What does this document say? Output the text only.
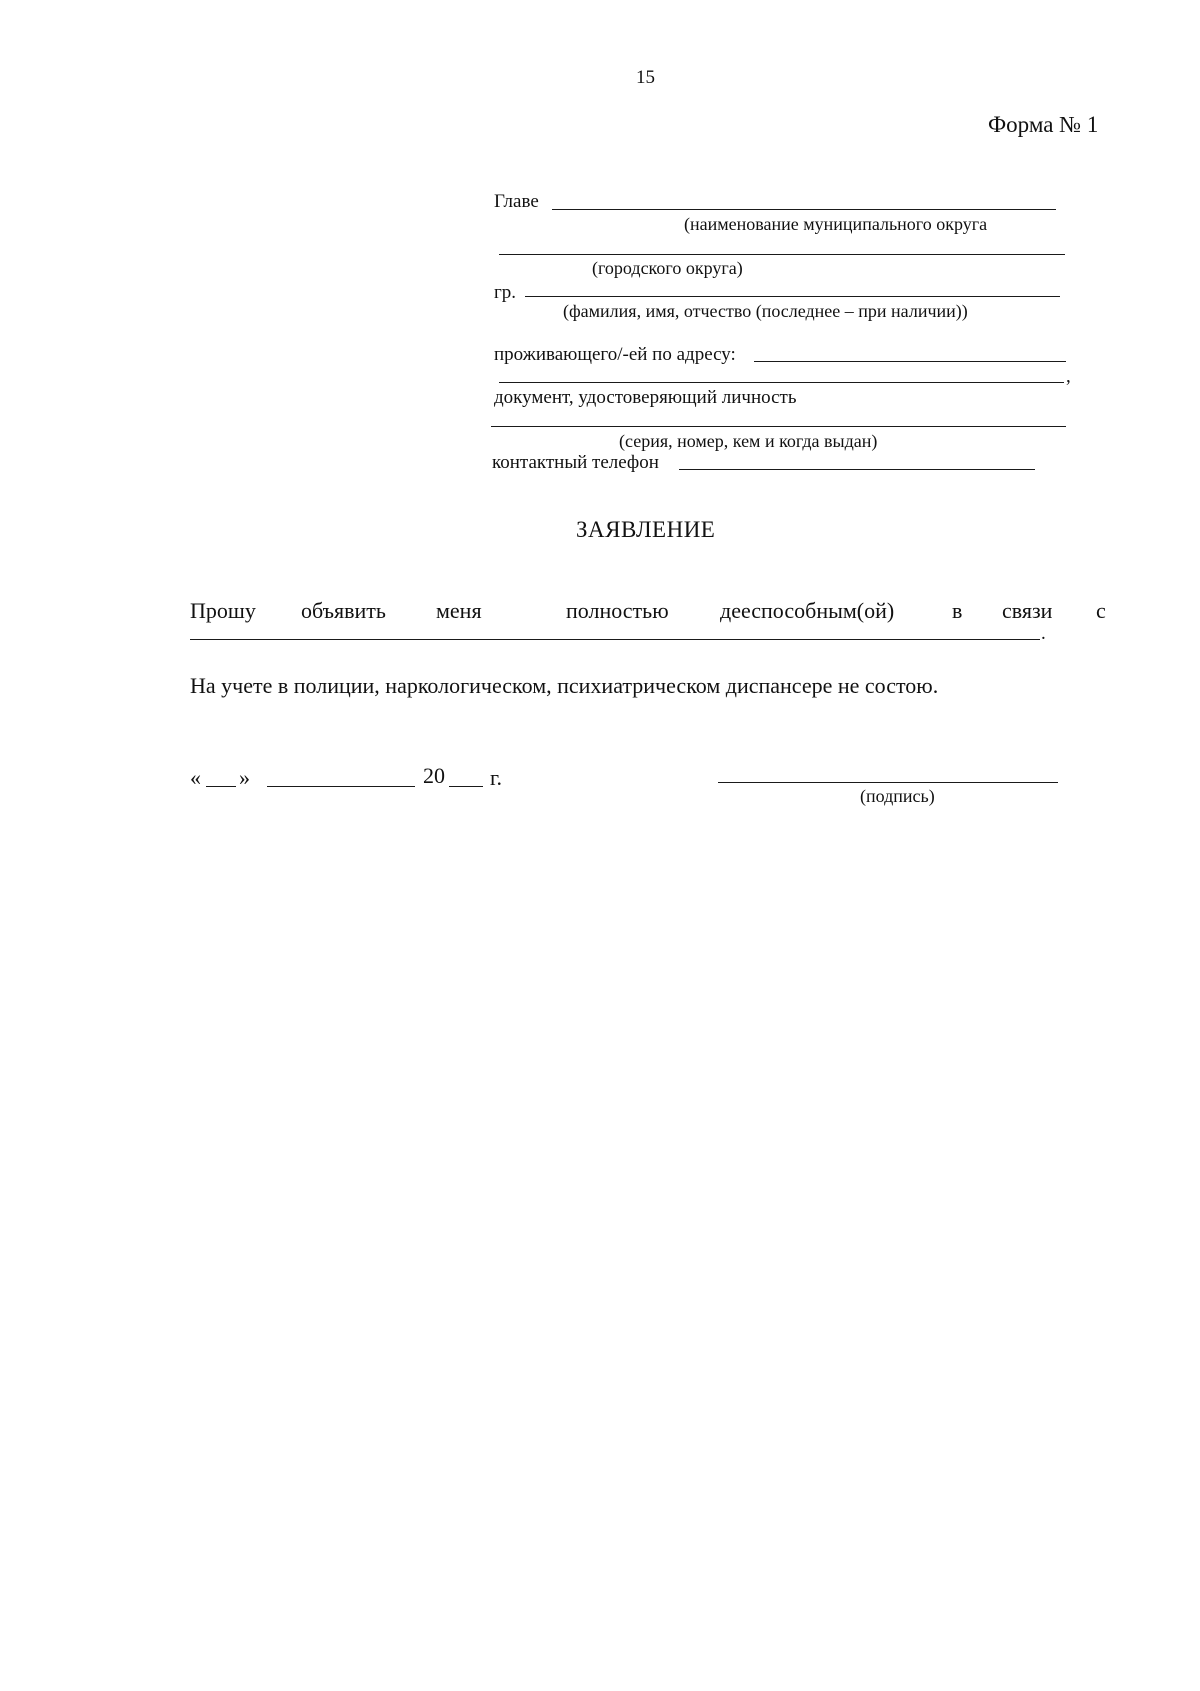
15
Форма № 1
Главе
(наименование муниципального округа
(городского округа)
гр.
(фамилия, имя, отчество (последнее – при наличии))
проживающего/-ей по адресу:
,
документ, удостоверяющий личность
(серия, номер, кем и когда выдан)
контактный телефон
ЗАЯВЛЕНИЕ
Прошу объявить меня	полностью дееспособным(ой)	в связи с
.
На учете в полиции, наркологическом, психиатрическом диспансере не состою.
« »	20 г.
(подпись)
